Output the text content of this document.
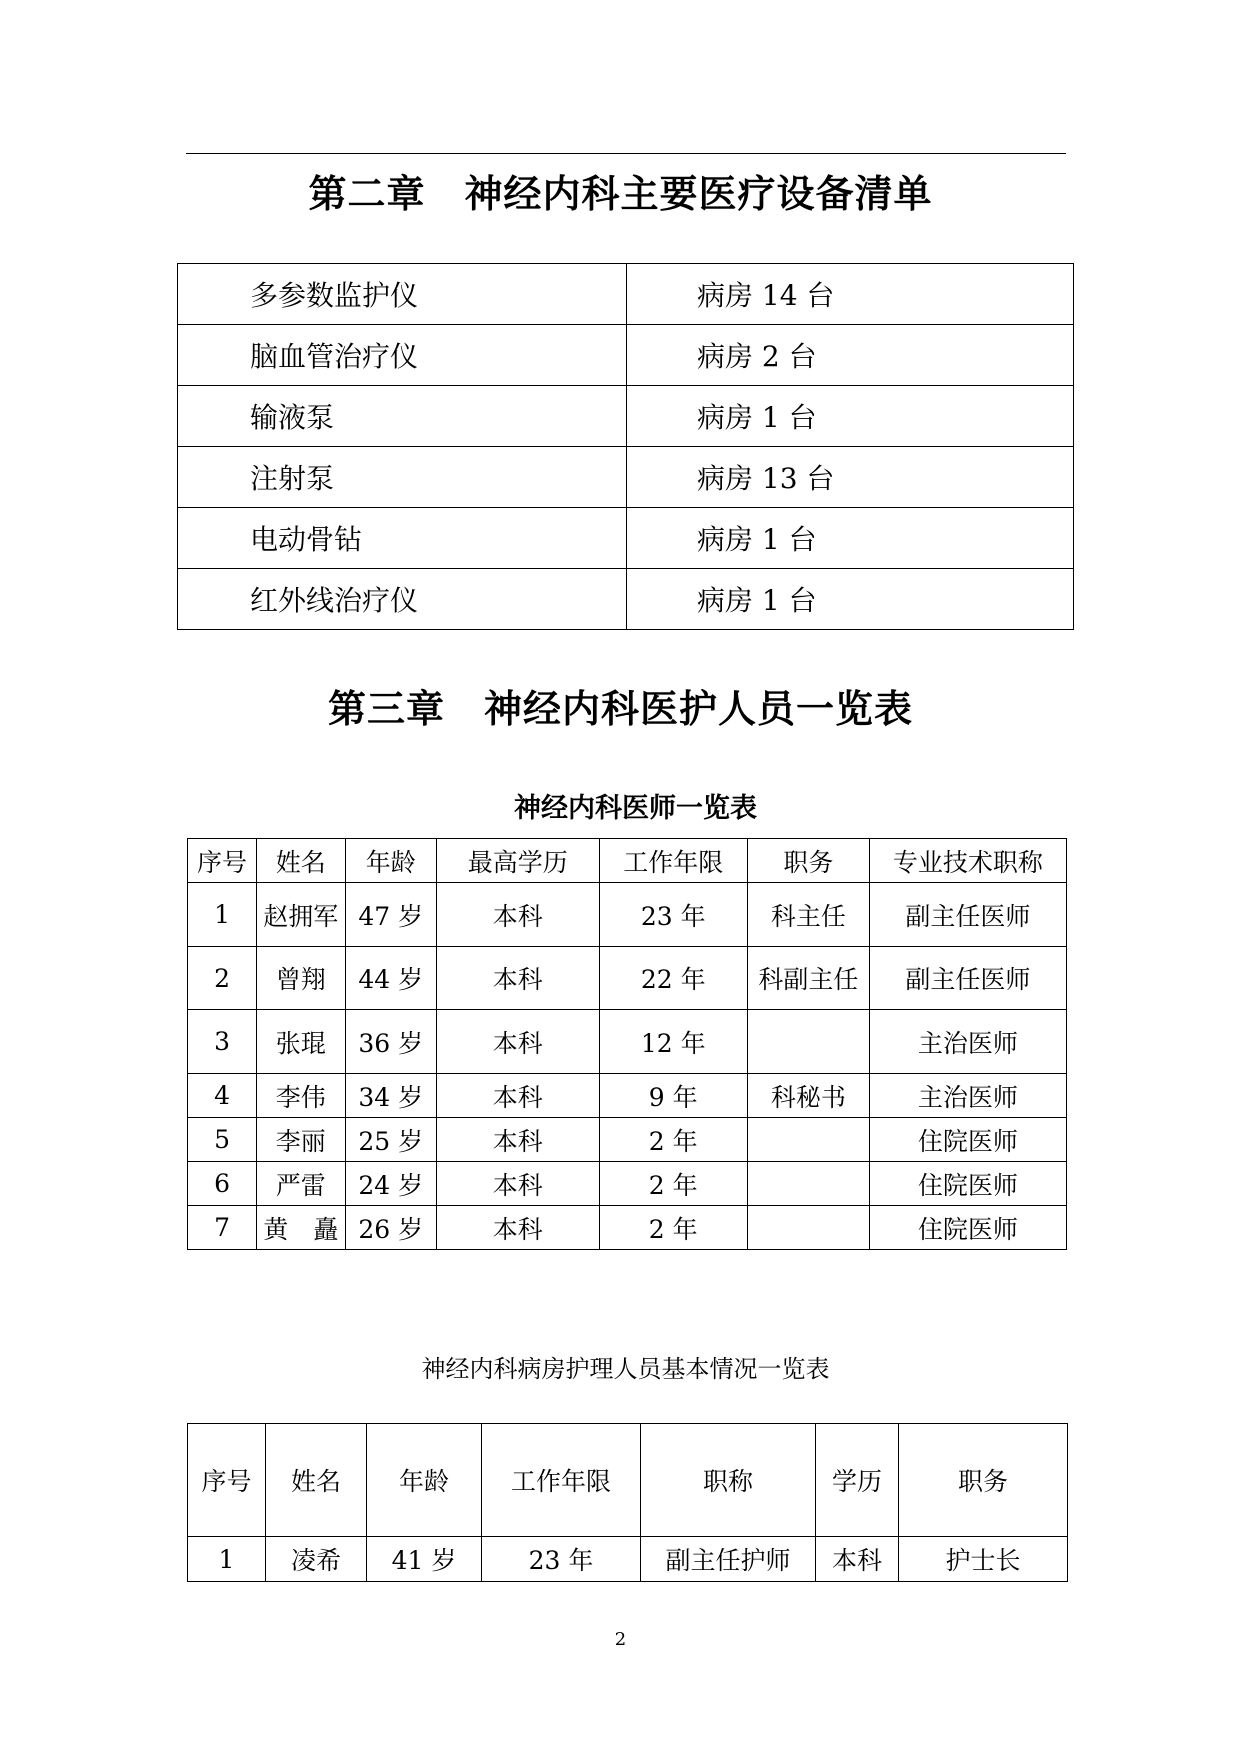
第二章　神经内科主要医疗设备清单
多参数监护仪	病房 14 台
脑血管治疗仪	病房 2 台
输液泵	病房 1 台
注射泵	病房 13 台
电动骨钻	病房 1 台
红外线治疗仪	病房 1 台
第三章　神经内科医护人员一览表
神经内科医师一览表
序号	姓名	年龄	最高学历	工作年限	职务	专业技术职称
1	赵拥军	47 岁	本科	23 年	科主任	副主任医师
2	曾翔	44 岁	本科	22 年	科副主任	副主任医师
3	张琨	36 岁	本科	12 年		主治医师
4	李伟	34 岁	本科	9 年	科秘书	主治医师
5	李丽	25 岁	本科	2 年		住院医师
6	严雷	24 岁	本科	2 年		住院医师
7	黄　矗	26 岁	本科	2 年		住院医师
神经内科病房护理人员基本情况一览表
序号	姓名	年龄	工作年限	职称	学历	职务
1	凌希	41 岁	23 年	副主任护师	本科	护士长
2
